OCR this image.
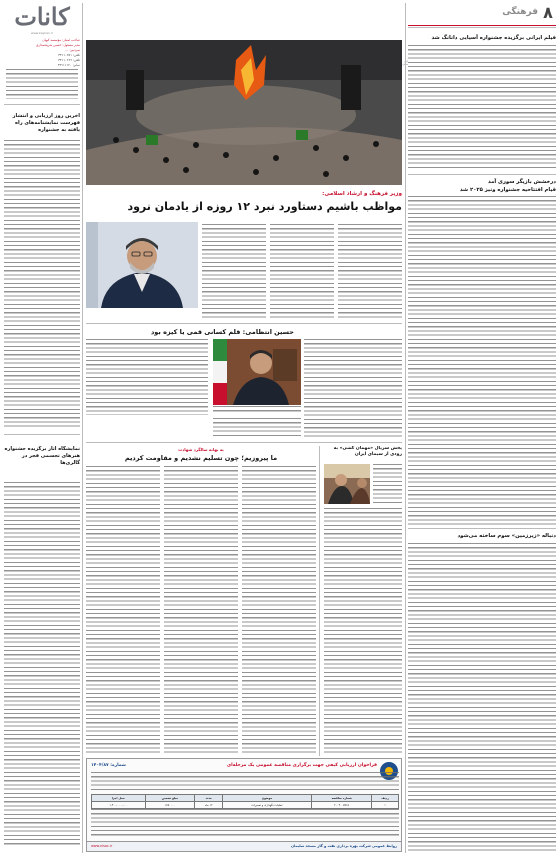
کانات
www.kayhan.ir
صاحب امتیاز: مؤسسه کیهان
مدیر مسئول: حسین شریعتمداری
سردبیر: ...
تلفن: ۳۳۱۱۰۲۵۱
تلفن: ۳۳۱۱۰۲۶۹
نمابر: ۳۳۱۱۱۱۲۰
آخرین روز ارزیابی و انتشار فهرست نمایشنامه‌های راه یافته به جشنواره
نمایشگاه آثار برگزیده جشنواره هنرهای تجسمی فجر در گالری‌ها
آیین سنتی
وزیر فرهنگ و ارشاد اسلامی:
مواظب باشیم دستاورد نبرد ۱۲ روزه از یادمان نرود
حسین انتظامی: قلم کسانی قمی یا کیزه بود
به بهانه سالگرد شهادت
ما پیروزیم؛ چون تسلیم نشدیم و مقاومت کردیم
پخش سریال «مهمان کشی» به زودی از سیمای ایران
فراخوان ارزیابی کیفی جهت برگزاری مناقصه عمومی یک مرحله‌ای
شماره: ۱۴۰۴/۸۷
ردیف	شماره مناقصه	موضوع	مدت	مبلغ تضمین	محل اجرا
۱	۲۰۰۴۰۰۵۷۶۸	عملیات نگهداری و تعمیرات	۱۲ ماه	۱۶۵۰۰۰۰	۱,۴۰۰,۰۰۰,۰۰۰
روابط عمومی شرکت بهره برداری نفت و گاز مسجد سلیمان
www.nisoc.ir
۸
فرهنگی
فیلم ایرانی برگزیده جشنواره آسیایی دانانگ شد
درخشش بازیگر سوری آمد
قیام افتتاحیه جشنواره ونیز ۲۰۲۵ شد
دنباله «زیرزمین» سوم ساخته می‌شود
